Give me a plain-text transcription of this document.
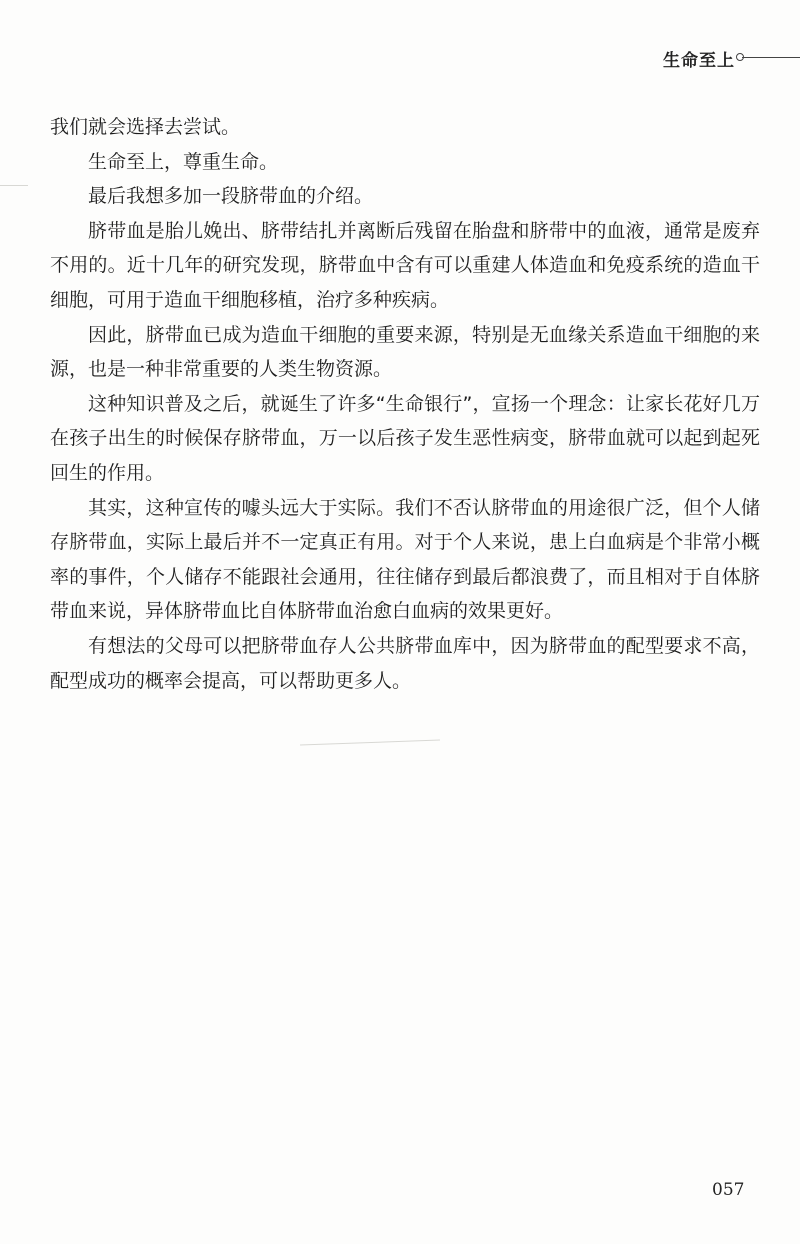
生命至上

我们就会选择去尝试。

生命至上，尊重生命。

最后我想多加一段脐带血的介绍。

脐带血是胎儿娩出、脐带结扎并离断后残留在胎盘和脐带中的血液，通常是废弃不用的。近十几年的研究发现，脐带血中含有可以重建人体造血和免疫系统的造血干细胞，可用于造血干细胞移植，治疗多种疾病。

因此，脐带血已成为造血干细胞的重要来源，特别是无血缘关系造血干细胞的来源，也是一种非常重要的人类生物资源。

这种知识普及之后，就诞生了许多“生命银行”，宣扬一个理念：让家长花好几万在孩子出生的时候保存脐带血，万一以后孩子发生恶性病变，脐带血就可以起到起死回生的作用。

其实，这种宣传的噱头远大于实际。我们不否认脐带血的用途很广泛，但个人储存脐带血，实际上最后并不一定真正有用。对于个人来说，患上白血病是个非常小概率的事件，个人储存不能跟社会通用，往往储存到最后都浪费了，而且相对于自体脐带血来说，异体脐带血比自体脐带血治愈白血病的效果更好。

有想法的父母可以把脐带血存人公共脐带血库中，因为脐带血的配型要求不高，配型成功的概率会提高，可以帮助更多人。

057
